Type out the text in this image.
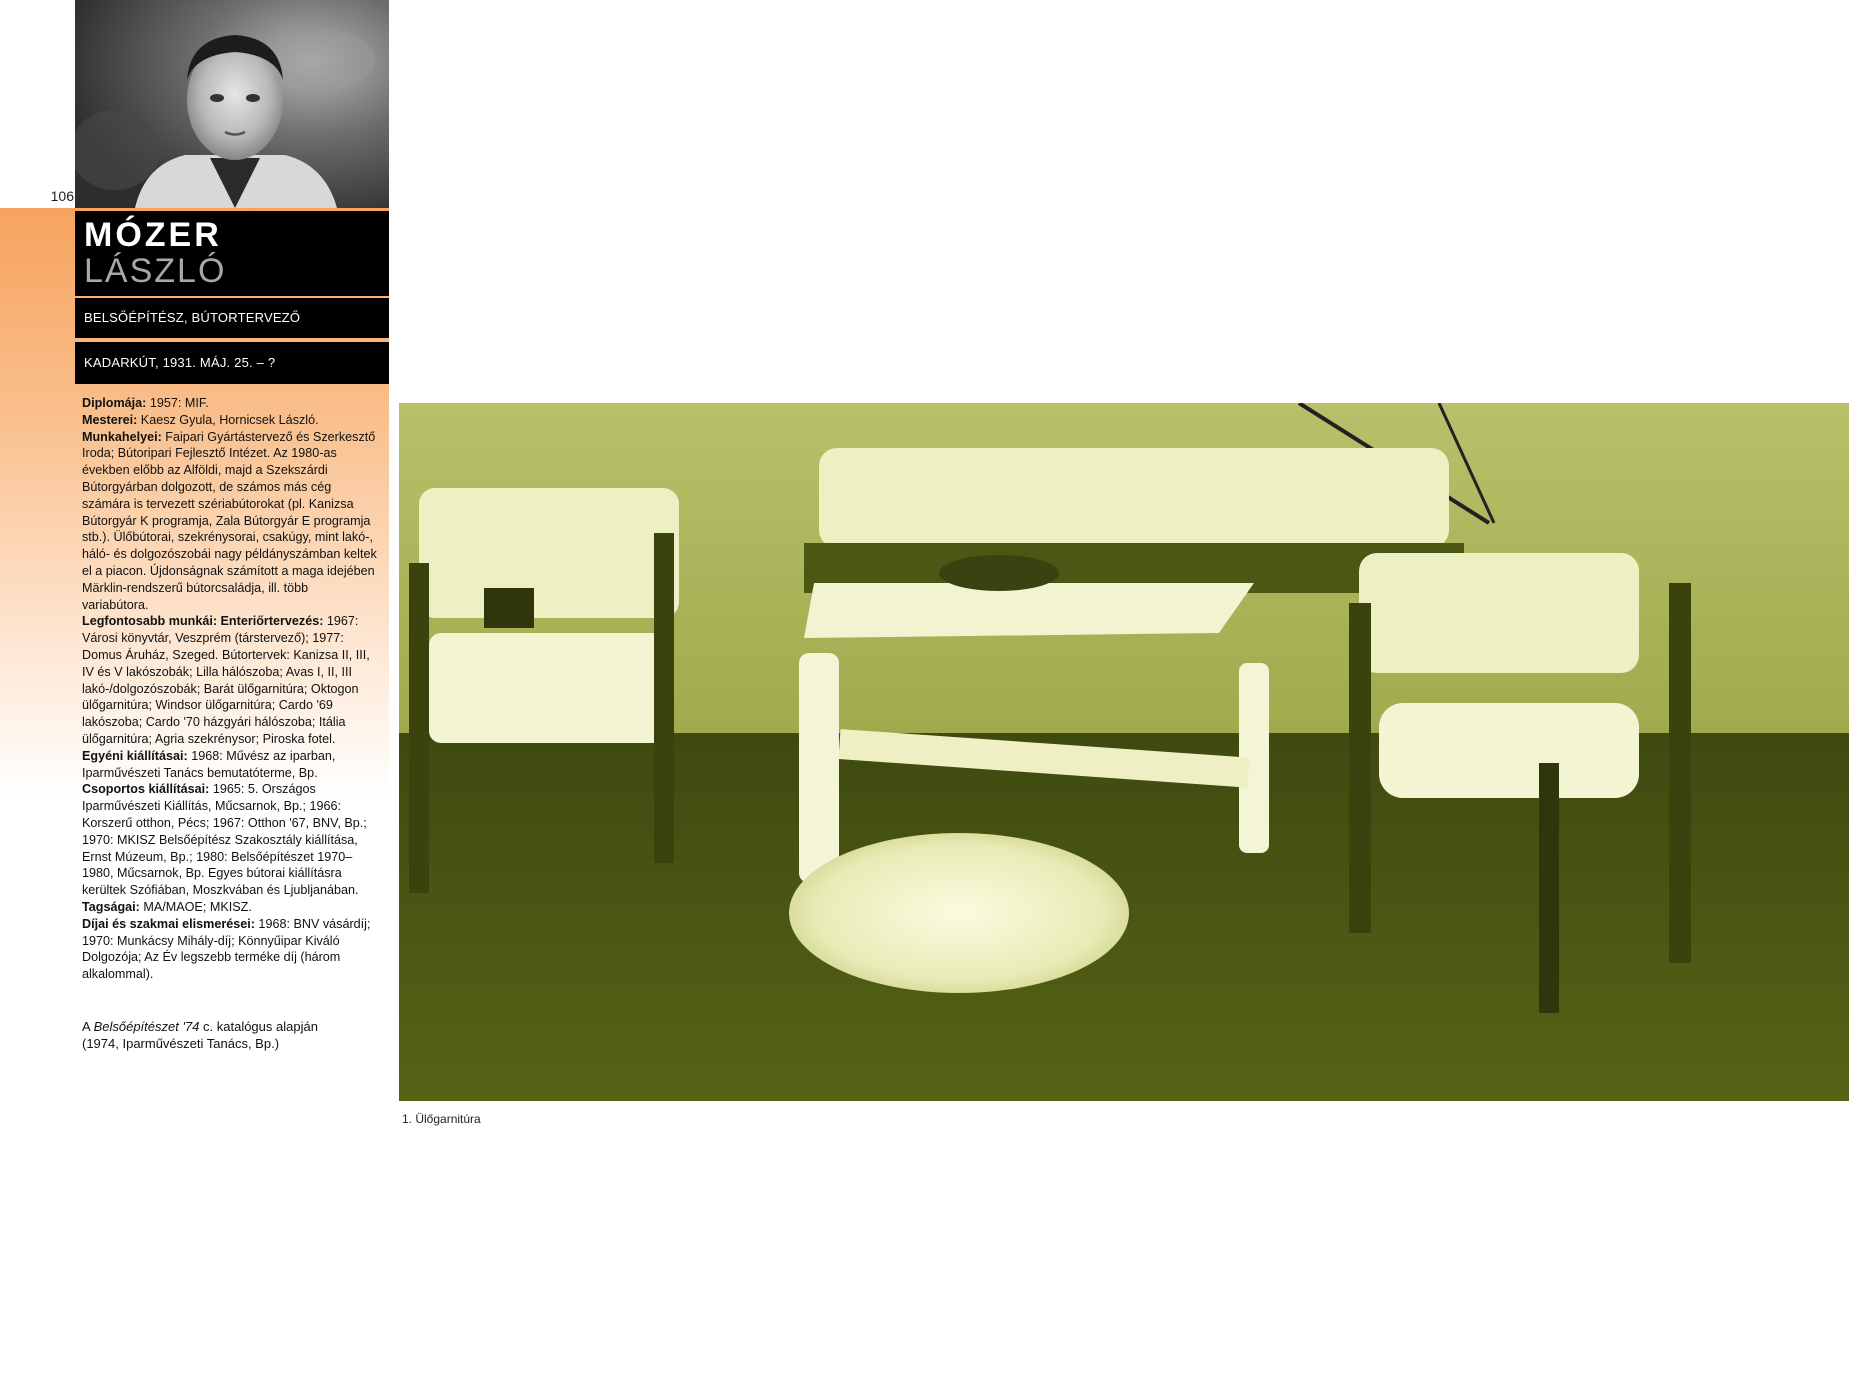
106
MÓZER
LÁSZLÓ
BELSŐÉPÍTÉSZ, BÚTORTERVEZŐ
KADARKÚT, 1931. MÁJ. 25. – ?
Diplomája: 1957: MIF.
Mesterei: Kaesz Gyula, Hornicsek László.
Munkahelyei: Faipari Gyártástervező és Szerkesztő Iroda; Bútoripari Fejlesztő Intézet. Az 1980-as években előbb az Alföldi, majd a Szekszárdi Bútorgyárban dolgozott, de számos más cég számára is tervezett szériabútorokat (pl. Kanizsa Bútorgyár K programja, Zala Bútorgyár E programja stb.). Ülőbútorai, szekrénysorai, csakúgy, mint lakó-, háló- és dolgozószobái nagy példányszámban keltek el a piacon. Újdonságnak számított a maga idejében Märklin-rendszerű bútorcsaládja, ill. több variabútora.
Legfontosabb munkái: Enteriőrtervezés: 1967: Városi könyvtár, Veszprém (társtervező); 1977: Domus Áruház, Szeged. Bútortervek: Kanizsa II, III, IV és V lakószobák; Lilla hálószoba; Avas I, II, III lakó-/dolgozószobák; Barát ülőgarnitúra; Oktogon ülőgarnitúra; Windsor ülőgarnitúra; Cardo '69 lakószoba; Cardo '70 házgyári hálószoba; Itália ülőgarnitúra; Agria szekrénysor; Piroska fotel.
Egyéni kiállításai: 1968: Művész az iparban, Iparművészeti Tanács bemutatóterme, Bp.
Csoportos kiállításai: 1965: 5. Országos Iparművészeti Kiállítás, Műcsarnok, Bp.; 1966: Korszerű otthon, Pécs; 1967: Otthon '67, BNV, Bp.; 1970: MKISZ Belsőépítész Szakosztály kiállítása, Ernst Múzeum, Bp.; 1980: Belsőépítészet 1970–1980, Műcsarnok, Bp. Egyes bútorai kiállításra kerültek Szófiában, Moszkvában és Ljubljanában.
Tagságai: MA/MAOE; MKISZ.
Díjai és szakmai elismerései: 1968: BNV vásárdíj; 1970: Munkácsy Mihály-díj; Könnyűipar Kiváló Dolgozója; Az Év legszebb terméke díj (három alkalommal).
A Belsőépítészet '74 c. katalógus alapján
(1974, Iparművészeti Tanács, Bp.)
1. Ülőgarnitúra
